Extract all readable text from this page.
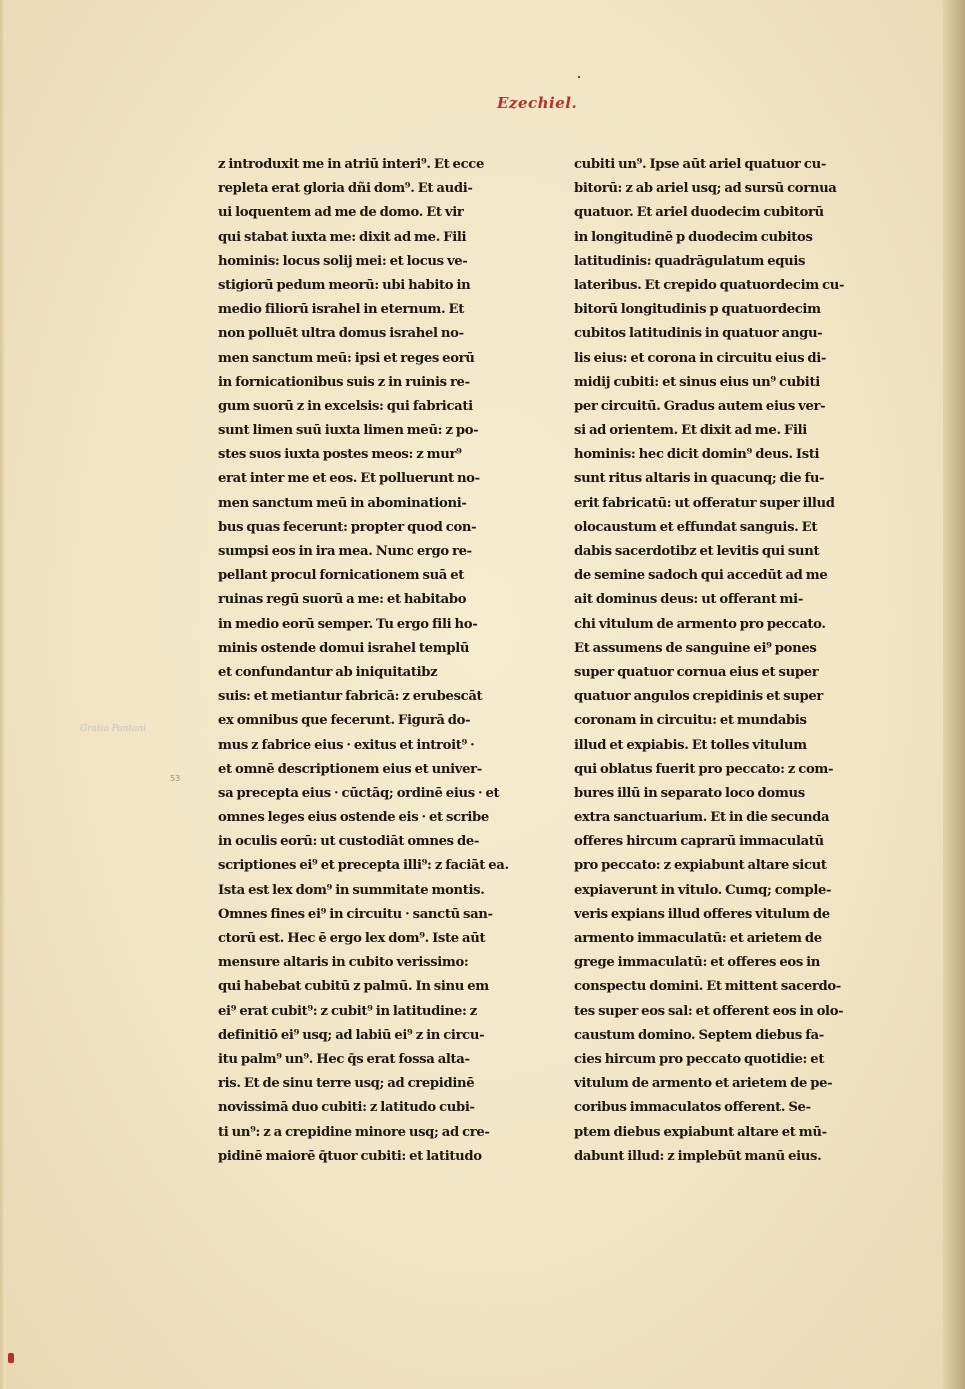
Ezechiel.
Gratia Pontani
53
z introduxit me in atriū interi⁹. Et ecce
repleta erat gloria dñi dom⁹. Et audi-
ui loquentem ad me de domo. Et vir
qui stabat iuxta me: dixit ad me. Fili
hominis: locus solij mei: et locus ve-
stigiorū pedum meorū: ubi habito in
medio filiorū israhel in eternum. Et
non polluēt ultra domus israhel no-
men sanctum meū: ipsi et reges eorū
in fornicationibus suis z in ruinis re-
gum suorū z in excelsis: qui fabricati
sunt limen suū iuxta limen meū: z po-
stes suos iuxta postes meos: z mur⁹
erat inter me et eos. Et polluerunt no-
men sanctum meū in abominationi-
bus quas fecerunt: propter quod con-
sumpsi eos in ira mea. Nunc ergo re-
pellant procul fornicationem suā et
ruinas regū suorū a me: et habitabo
in medio eorū semper. Tu ergo fili ho-
minis ostende domui israhel templū
et confundantur ab iniquitatibz
suis: et metiantur fabricā: z erubescāt
ex omnibus que fecerunt. Figurā do-
mus z fabrice eius · exitus et introit⁹ ·
et omnē descriptionem eius et univer-
sa precepta eius · cūctāq; ordinē eius · et
omnes leges eius ostende eis · et scribe
in oculis eorū: ut custodiāt omnes de-
scriptiones ei⁹ et precepta illi⁹: z faciāt ea.
Ista est lex dom⁹ in summitate montis.
Omnes fines ei⁹ in circuitu · sanctū san-
ctorū est. Hec ē ergo lex dom⁹. Iste aūt
mensure altaris in cubito verissimo:
qui habebat cubitū z palmū. In sinu em
ei⁹ erat cubit⁹: z cubit⁹ in latitudine: z
definitiō ei⁹ usq; ad labiū ei⁹ z in circu-
itu palm⁹ un⁹. Hec q̄s erat fossa alta-
ris. Et de sinu terre usq; ad crepidinē
novissimā duo cubiti: z latitudo cubi-
ti un⁹: z a crepidine minore usq; ad cre-
pidinē maiorē q̄tuor cubiti: et latitudo
cubiti un⁹. Ipse aūt ariel quatuor cu-
bitorū: z ab ariel usq; ad sursū cornua
quatuor. Et ariel duodecim cubitorū
in longitudinē p duodecim cubitos
latitudinis: quadrāgulatum equis
lateribus. Et crepido quatuordecim cu-
bitorū longitudinis p quatuordecim
cubitos latitudinis in quatuor angu-
lis eius: et corona in circuitu eius di-
midij cubiti: et sinus eius un⁹ cubiti
per circuitū. Gradus autem eius ver-
si ad orientem. Et dixit ad me. Fili
hominis: hec dicit domin⁹ deus. Isti
sunt ritus altaris in quacunq; die fu-
erit fabricatū: ut offeratur super illud
olocaustum et effundat sanguis. Et
dabis sacerdotibz et levitis qui sunt
de semine sadoch qui accedūt ad me
ait dominus deus: ut offerant mi-
chi vitulum de armento pro peccato.
Et assumens de sanguine ei⁹ pones
super quatuor cornua eius et super
quatuor angulos crepidinis et super
coronam in circuitu: et mundabis
illud et expiabis. Et tolles vitulum
qui oblatus fuerit pro peccato: z com-
bures illū in separato loco domus
extra sanctuarium. Et in die secunda
offeres hircum caprarū immaculatū
pro peccato: z expiabunt altare sicut
expiaverunt in vitulo. Cumq; comple-
veris expians illud offeres vitulum de
armento immaculatū: et arietem de
grege immaculatū: et offeres eos in
conspectu domini. Et mittent sacerdo-
tes super eos sal: et offerent eos in olo-
caustum domino. Septem diebus fa-
cies hircum pro peccato quotidie: et
vitulum de armento et arietem de pe-
coribus immaculatos offerent. Se-
ptem diebus expiabunt altare et mū-
dabunt illud: z implebūt manū eius.
